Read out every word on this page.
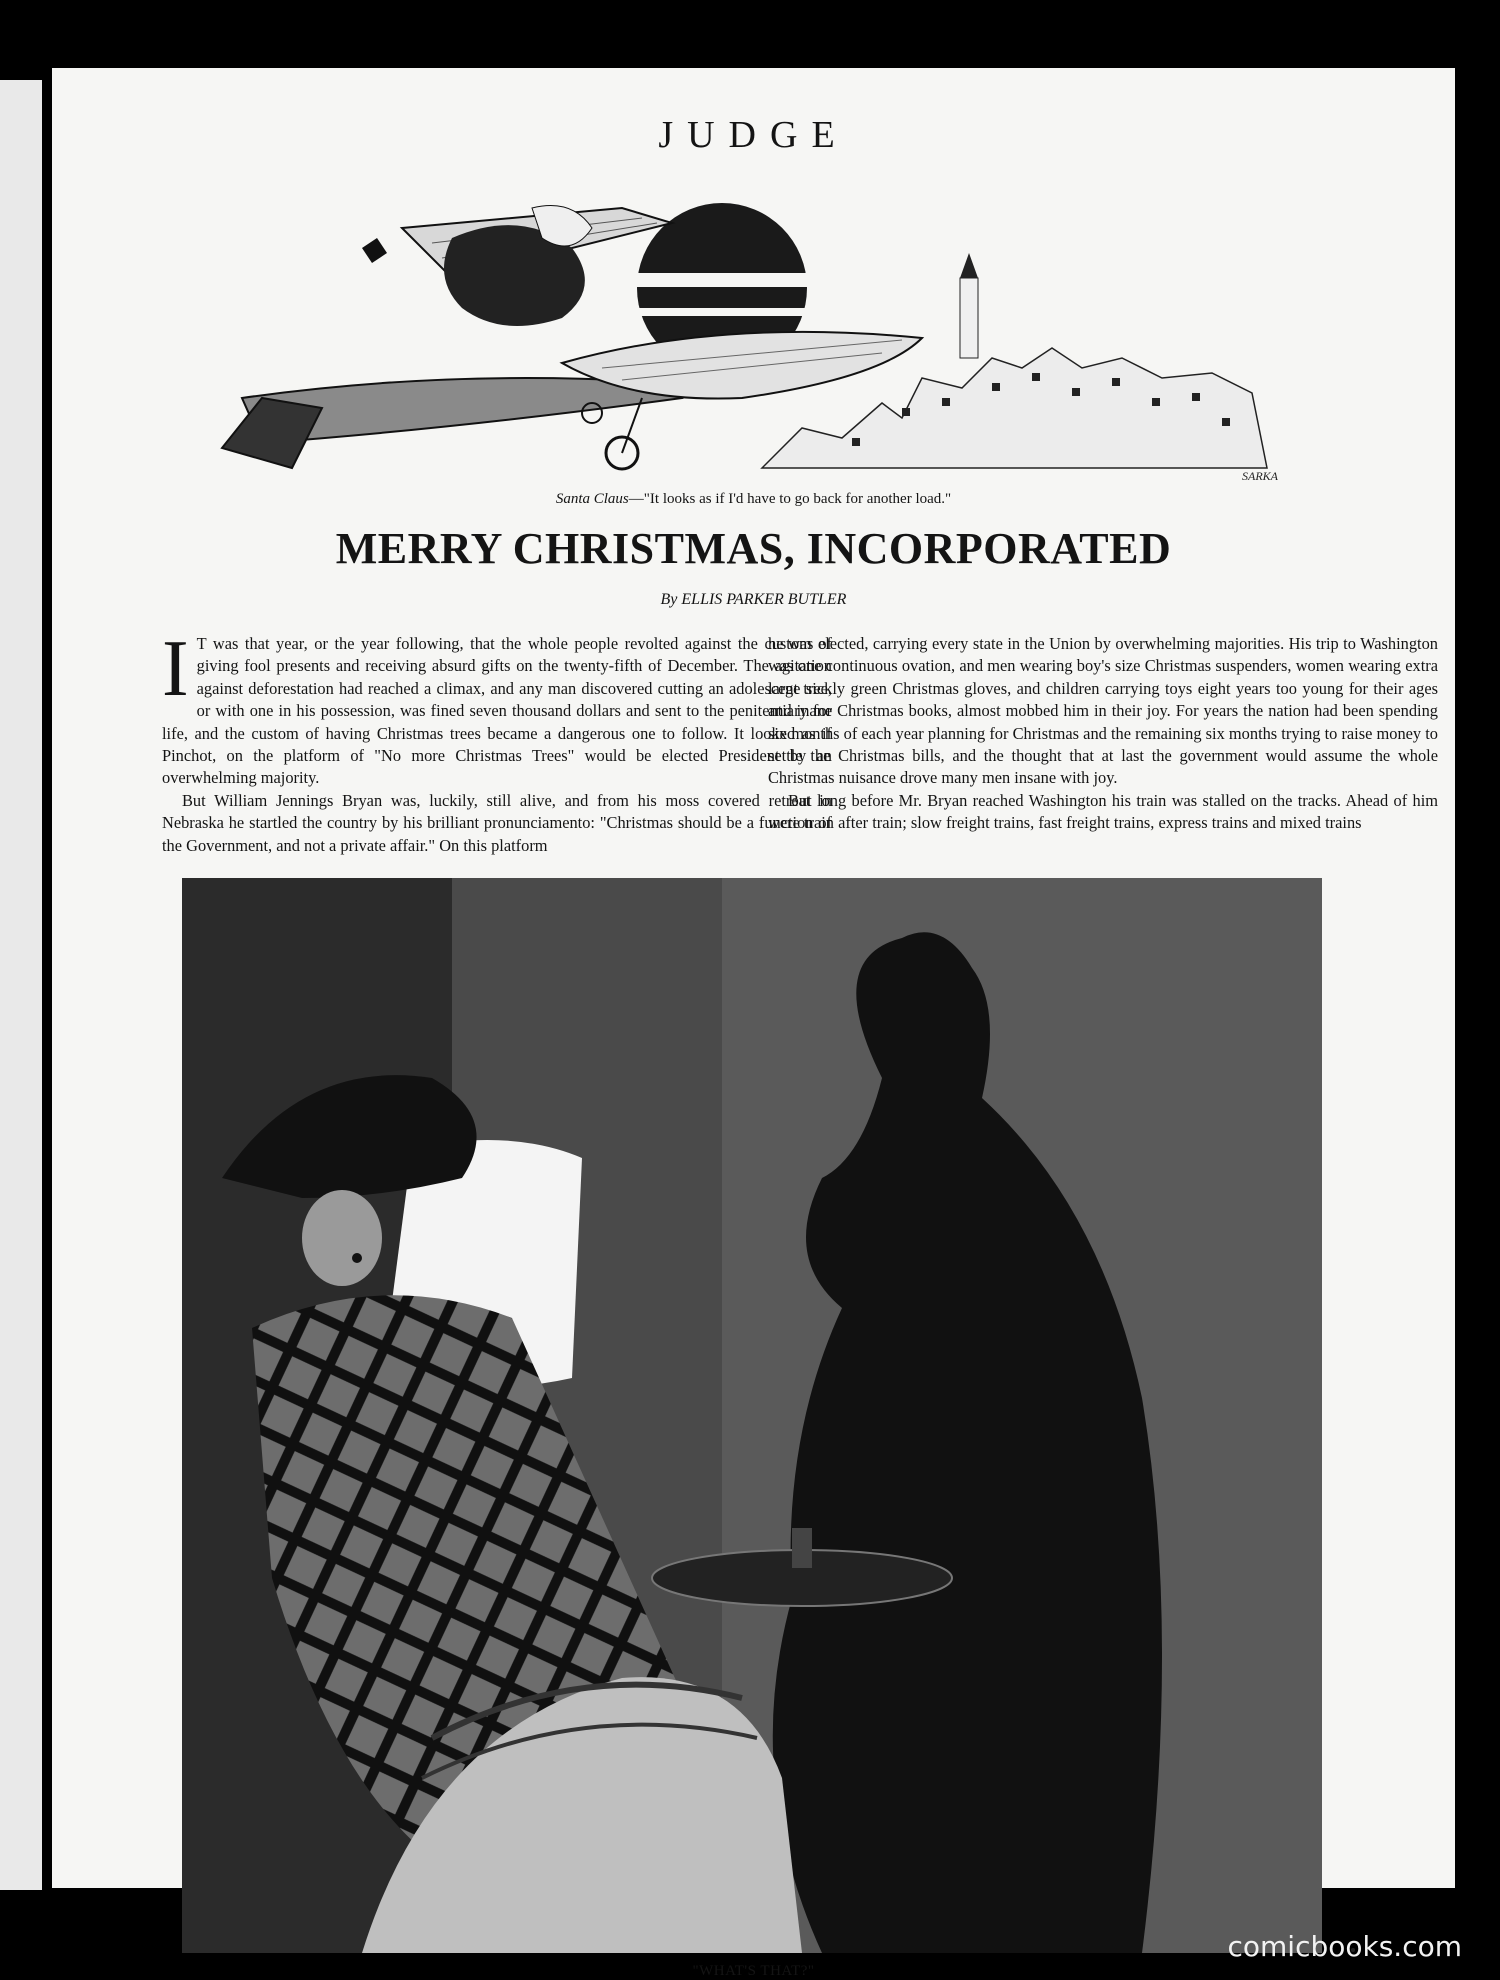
JUDGE
SARKA
Santa Claus—"It looks as if I'd have to go back for another load."
MERRY CHRISTMAS, INCORPORATED
By ELLIS PARKER BUTLER

I T was that year, or the year following, that the whole people revolted against the custom of giving fool presents and receiving absurd gifts on the twenty-fifth of December. The agitation against deforestation had reached a climax, and any man discovered cutting an adolescent tree, or with one in his possession, was fined seven thousand dollars and sent to the penitentiary for life, and the custom of having Christmas trees became a dangerous one to follow. It looked as if Pinchot, on the platform of "No more Christmas Trees" would be elected President by an overwhelming majority.

But William Jennings Bryan was, luckily, still alive, and from his moss covered retreat in Nebraska he startled the country by his brilliant pronunciamento: "Christmas should be a function of the Government, and not a private affair." On this platform

he was elected, carrying every state in the Union by overwhelming majorities. His trip to Washington was one continuous ovation, and men wearing boy's size Christmas suspenders, women wearing extra large sickly green Christmas gloves, and children carrying toys eight years too young for their ages and inane Christmas books, almost mobbed him in their joy. For years the nation had been spending six months of each year planning for Christmas and the remaining six months trying to raise money to settle the Christmas bills, and the thought that at last the government would assume the whole Christmas nuisance drove many men insane with joy.

But long before Mr. Bryan reached Washington his train was stalled on the tracks. Ahead of him were train after train; slow freight trains, fast freight trains, express trains and mixed trains

"WHAT'S THAT?"
comicbooks.com
